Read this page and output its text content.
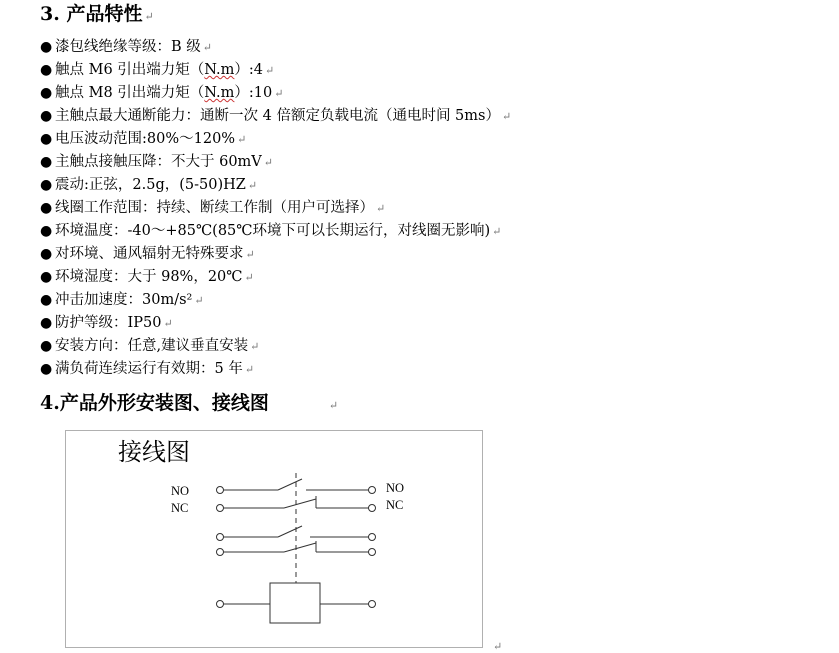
3. 产品特性 ↵
● 漆包线绝缘等级：B 级 ↵
● 触点 M6 引出端力矩（N.m）:4 ↵
● 触点 M8 引出端力矩（N.m）:10 ↵
● 主触点最大通断能力：通断一次 4 倍额定负载电流（通电时间 5ms） ↵
● 电压波动范围:80%～120% ↵
● 主触点接触压降：不大于 60mV ↵
● 震动:正弦，2.5g，(5-50)HZ ↵
● 线圈工作范围：持续、断续工作制（用户可选择） ↵
● 环境温度：-40～+85℃(85℃环境下可以长期运行，对线圈无影响) ↵
● 对环境、通风辐射无特殊要求 ↵
● 环境湿度：大于 98%，20℃ ↵
● 冲击加速度：30m/s² ↵
● 防护等级：IP50 ↵
● 安装方向：任意,建议垂直安装 ↵
● 满负荷连续运行有效期：5 年 ↵
4.产品外形安装图、接线图	↵
接线图
NO
NC
NO
NC
↵
